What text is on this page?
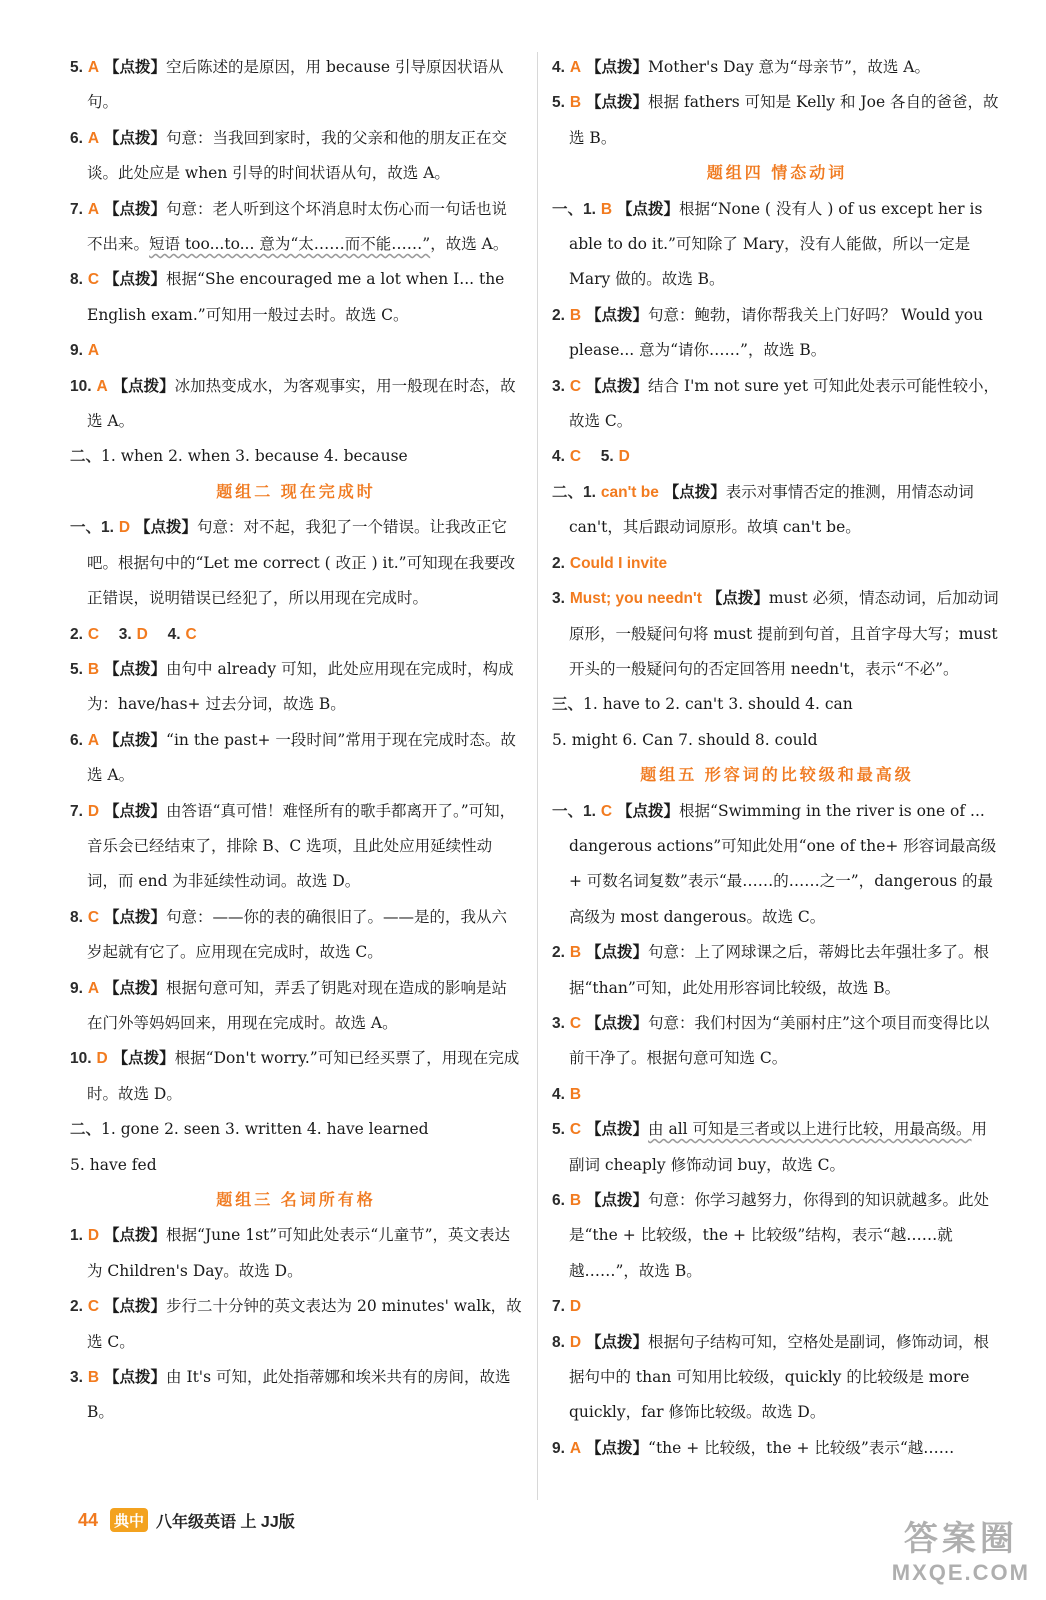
5. A 【点拨】空后陈述的是原因，用 because 引导原因状语从句。
6. A 【点拨】句意：当我回到家时，我的父亲和他的朋友正在交谈。此处应是 when 引导的时间状语从句，故选 A。
7. A 【点拨】句意：老人听到这个坏消息时太伤心而一句话也说不出来。短语 too...to... 意为“太……而不能……”，故选 A。
8. C 【点拨】根据“She encouraged me a lot when I... the English exam.”可知用一般过去时。故选 C。
9. A
10. A 【点拨】冰加热变成水，为客观事实，用一般现在时态，故选 A。
二、1. when 2. when 3. because 4. because
题组二 现在完成时
一、1. D 【点拨】句意：对不起，我犯了一个错误。让我改正它吧。根据句中的“Let me correct ( 改正 ) it.”可知现在我要改正错误，说明错误已经犯了，所以用现在完成时。
2. C 3. D 4. C
5. B 【点拨】由句中 already 可知，此处应用现在完成时，构成为：have/has+ 过去分词，故选 B。
6. A 【点拨】“in the past+ 一段时间”常用于现在完成时态。故选 A。
7. D 【点拨】由答语“真可惜！难怪所有的歌手都离开了。”可知，音乐会已经结束了，排除 B、C 选项，且此处应用延续性动词，而 end 为非延续性动词。故选 D。
8. C 【点拨】句意：——你的表的确很旧了。——是的，我从六岁起就有它了。应用现在完成时，故选 C。
9. A 【点拨】根据句意可知，弄丢了钥匙对现在造成的影响是站在门外等妈妈回来，用现在完成时。故选 A。
10. D 【点拨】根据“Don't worry.”可知已经买票了，用现在完成时。故选 D。
二、1. gone 2. seen 3. written 4. have learned
5. have fed
题组三 名词所有格
1. D 【点拨】根据“June 1st”可知此处表示“儿童节”，英文表达为 Children's Day。故选 D。
2. C 【点拨】步行二十分钟的英文表达为 20 minutes' walk，故选 C。
3. B 【点拨】由 It's 可知，此处指蒂娜和埃米共有的房间，故选 B。
4. A 【点拨】Mother's Day 意为“母亲节”，故选 A。
5. B 【点拨】根据 fathers 可知是 Kelly 和 Joe 各自的爸爸，故选 B。
题组四 情态动词
一、1. B 【点拨】根据“None ( 没有人 ) of us except her is able to do it.”可知除了 Mary，没有人能做，所以一定是 Mary 做的。故选 B。
2. B 【点拨】句意：鲍勃，请你帮我关上门好吗？ Would you please... 意为“请你……”，故选 B。
3. C 【点拨】结合 I'm not sure yet 可知此处表示可能性较小，故选 C。
4. C 5. D
二、1. can't be 【点拨】表示对事情否定的推测，用情态动词 can't，其后跟动词原形。故填 can't be。
2. Could I invite
3. Must; you needn't 【点拨】must 必须，情态动词，后加动词原形，一般疑问句将 must 提前到句首，且首字母大写；must 开头的一般疑问句的否定回答用 needn't，表示“不必”。
三、1. have to 2. can't 3. should 4. can
5. might 6. Can 7. should 8. could
题组五 形容词的比较级和最高级
一、1. C 【点拨】根据“Swimming in the river is one of ... dangerous actions”可知此处用“one of the+ 形容词最高级 + 可数名词复数”表示“最……的……之一”，dangerous 的最高级为 most dangerous。故选 C。
2. B 【点拨】句意：上了网球课之后，蒂姆比去年强壮多了。根据“than”可知，此处用形容词比较级，故选 B。
3. C 【点拨】句意：我们村因为“美丽村庄”这个项目而变得比以前干净了。根据句意可知选 C。
4. B
5. C 【点拨】由 all 可知是三者或以上进行比较，用最高级。用副词 cheaply 修饰动词 buy，故选 C。
6. B 【点拨】句意：你学习越努力，你得到的知识就越多。此处是“the + 比较级，the + 比较级”结构，表示“越……就越……”，故选 B。
7. D
8. D 【点拨】根据句子结构可知，空格处是副词，修饰动词，根据句中的 than 可知用比较级，quickly 的比较级是 more quickly，far 修饰比较级。故选 D。
9. A 【点拨】“the + 比较级，the + 比较级”表示“越……
44 典中 八年级英语 上 JJ版	答案圈
MXQE.COM
